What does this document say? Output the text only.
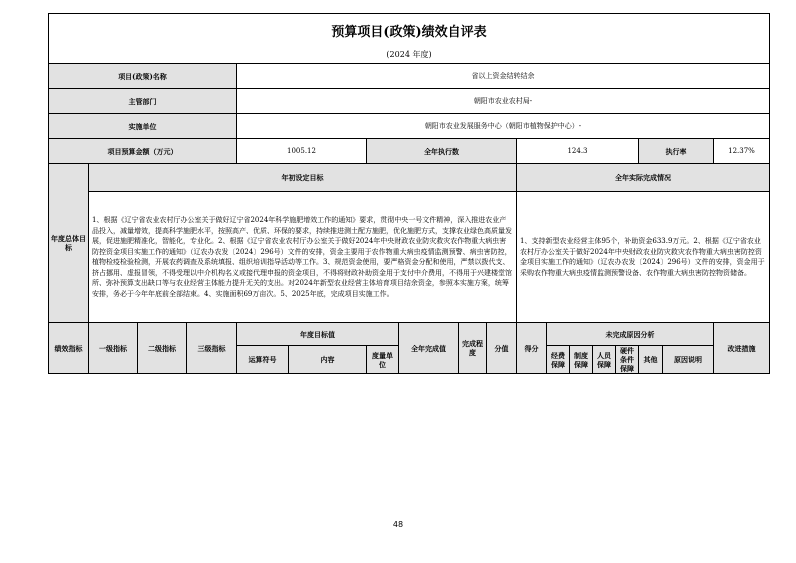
预算项目(政策)绩效自评表																	
(2024 年度)																	
项目(政策)名称				省以上资金结转结余													
主管部门				朝阳市农业农村局-													
实施单位				朝阳市农业发展服务中心（朝阳市植物保护中心）-													
项目预算金额（万元）				1005.12		全年执行数				124.3					执行率		12.37%
年度总体目标	年初设定目标									全年实际完成情况							
	1、根据《辽宁省农业农村厅办公室关于做好辽宁省2024年科学施肥增效工作的通知》要求，贯彻中央一号文件精神，深入推进农业产品投入，减量增效，提高科学施肥水平，按照高产、优质、环保的要求，持续推进测土配方施肥，优化施肥方式，支撑农业绿色高质量发展，促进施肥精准化，智能化，专业化。2、根据《辽宁省农业农村厅办公室关于做好2024年中央财政农业防灾救灾农作物重大病虫害防控资金项目实施工作的通知》（辽农办农发〔2024〕296号）文件的安排，资金主要用于农作物重大病虫疫情监测预警、病虫害防控，植物检疫检验检测，开展农药调查及系统填报、组织培训指导活动等工作。3、规范资金使用，要严格资金分配和使用，严禁以拨代支、挤占挪用、虚报冒领，不得受理以中介机构名义或接代理申报的资金项目，不得将财政补助资金用于支付中介费用，不得用于兴建楼堂馆所、弥补预算支出缺口等与农业经营主体能力提升无关的支出。对2024年新型农业经营主体培育项目结余资金，参照本实施方案，统筹安排，务必于今年年底前全部结束。4、实施面积69万亩次。5、2025年底，完成项目实施工作。									1、支持新型农业经营主体95个，补助资金633.9万元。2、根据《辽宁省农业农村厅办公室关于做好2024年中央财政农业防灾救灾农作物重大病虫害防控资金项目实施工作的通知》（辽农办农发〔2024〕296号）文件的安排，资金用于采购农作物重大病虫疫情监测预警设备、农作物重大病虫害防控物资储备。							
绩效指标	一级指标	二级指标	三级指标	年度目标值			全年完成值	完成程度	分值	得分	未完成原因分析						改进措施
				运算符号	内容	度量单位					经费保障	制度保障	人员保障	硬件条件保障	其他	原因说明	
48
